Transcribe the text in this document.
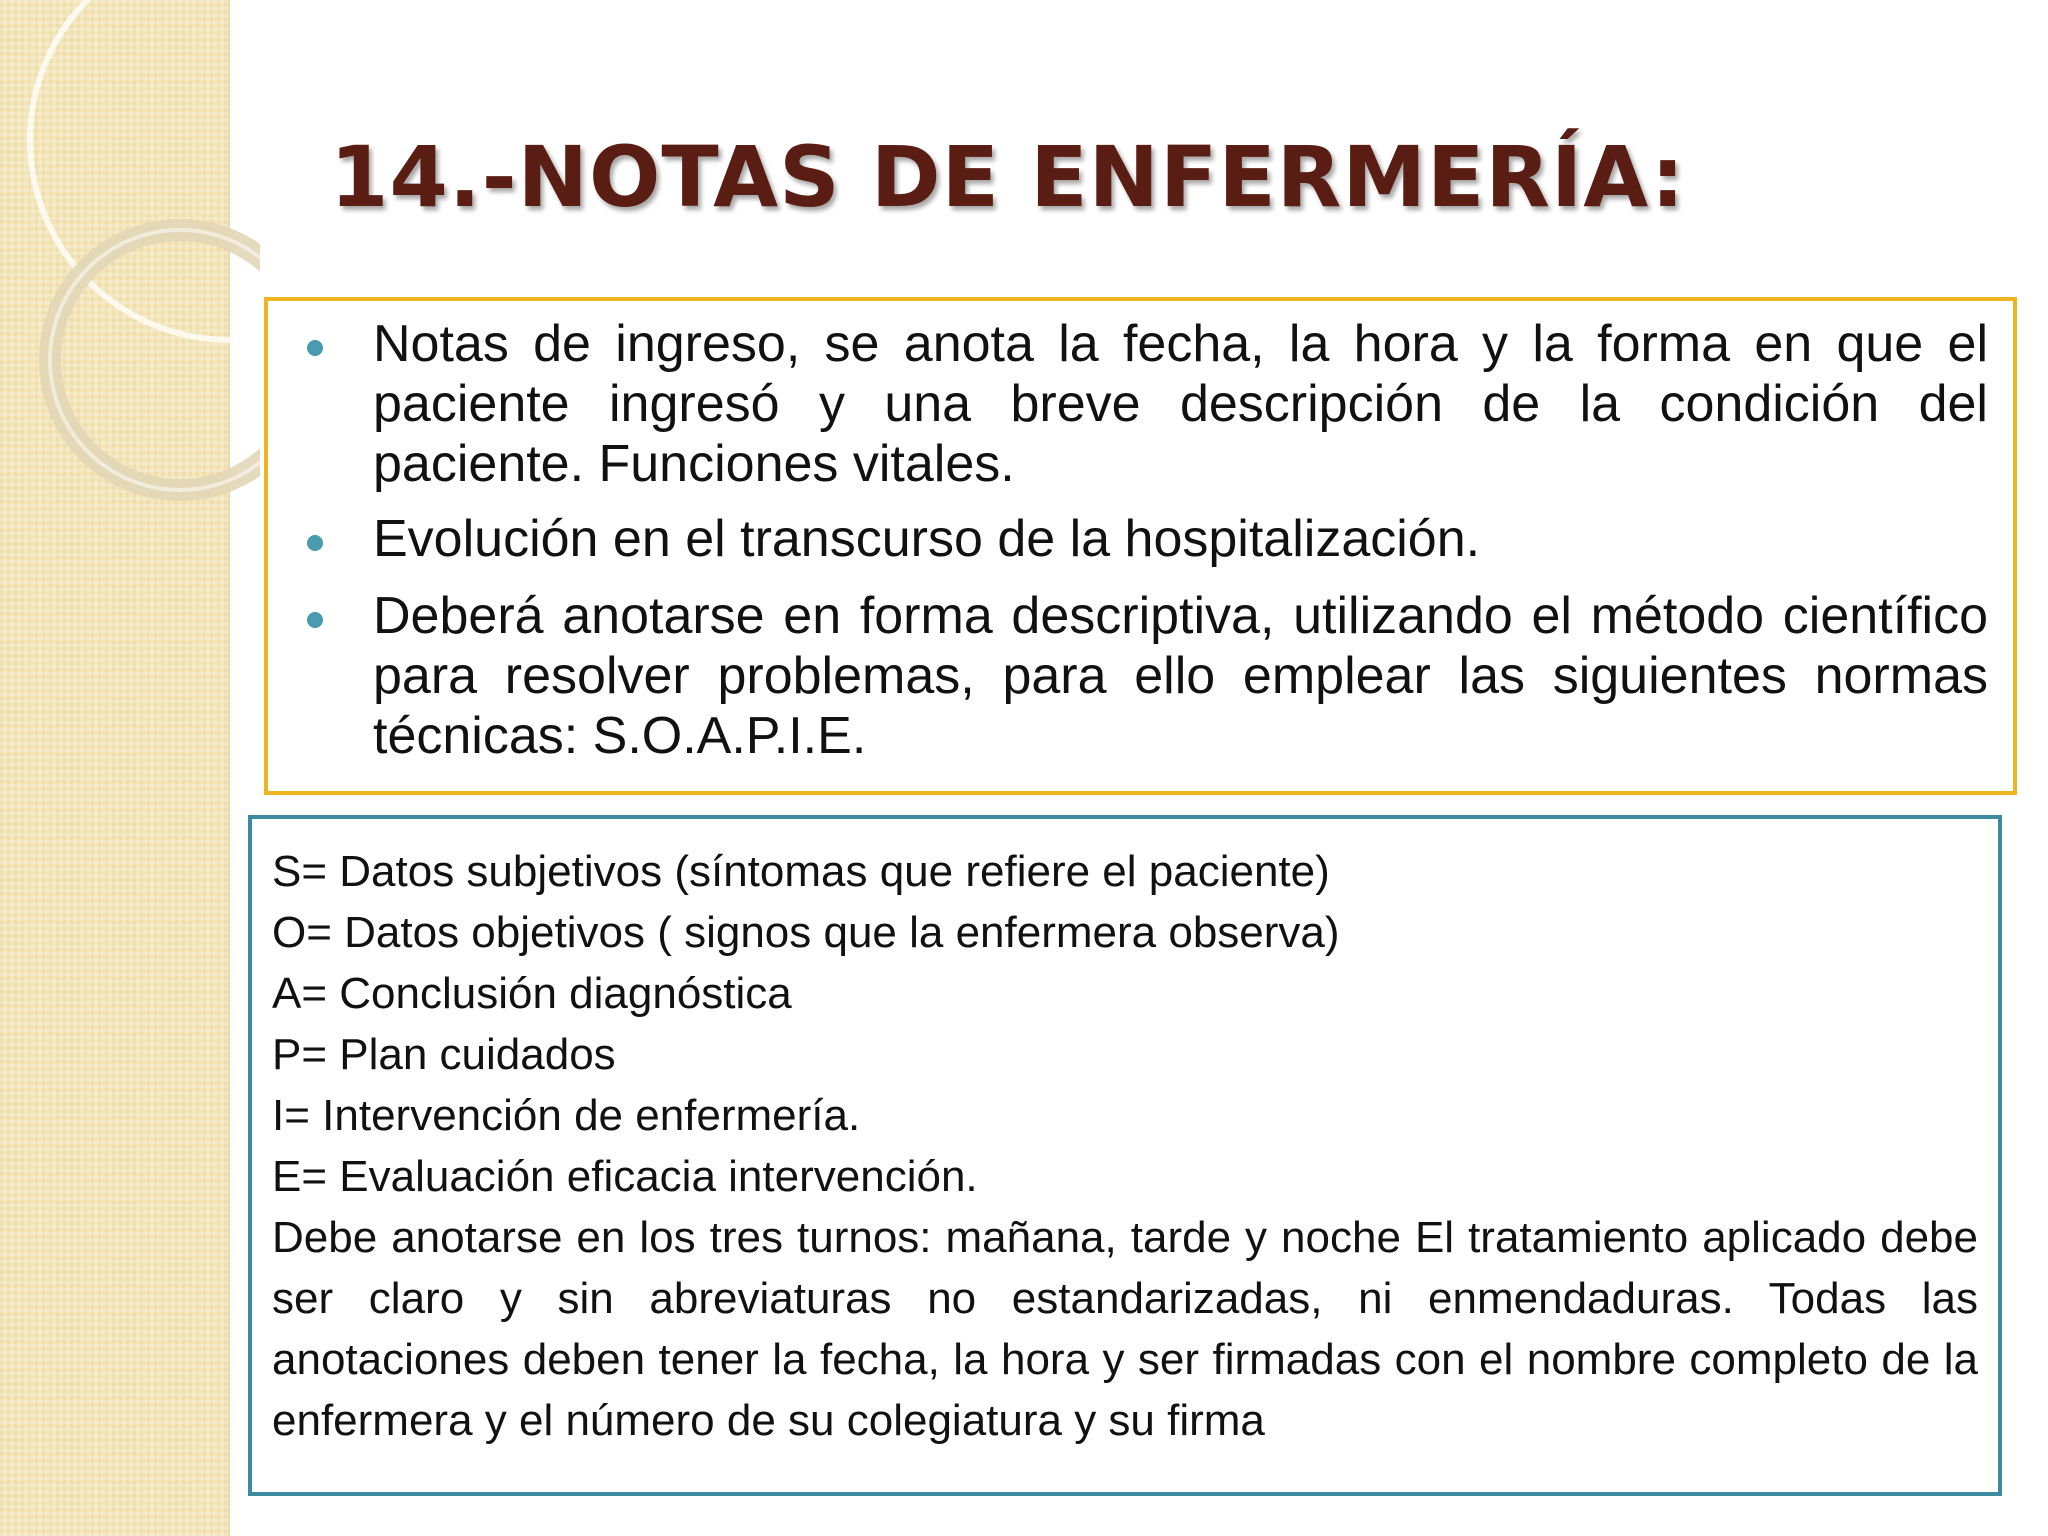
14.-NOTAS DE ENFERMERÍA:
Notas de ingreso, se anota la fecha, la hora y la forma en que el paciente ingresó y una breve descripción de la condición del paciente. Funciones vitales.
Evolución en el transcurso de la hospitalización.
Deberá anotarse en forma descriptiva, utilizando el método científico para resolver problemas, para ello emplear las siguientes normas técnicas: S.O.A.P.I.E.
S= Datos subjetivos (síntomas que refiere el paciente)
O= Datos objetivos ( signos que la enfermera observa)
A= Conclusión diagnóstica
P= Plan cuidados
I= Intervención de enfermería.
E= Evaluación eficacia intervención.
Debe anotarse en los tres turnos: mañana, tarde y noche El tratamiento aplicado debe ser claro y sin abreviaturas no estandarizadas, ni enmendaduras. Todas las anotaciones deben tener la fecha, la hora y ser firmadas con el nombre completo de la enfermera y el número de su colegiatura y su firma
